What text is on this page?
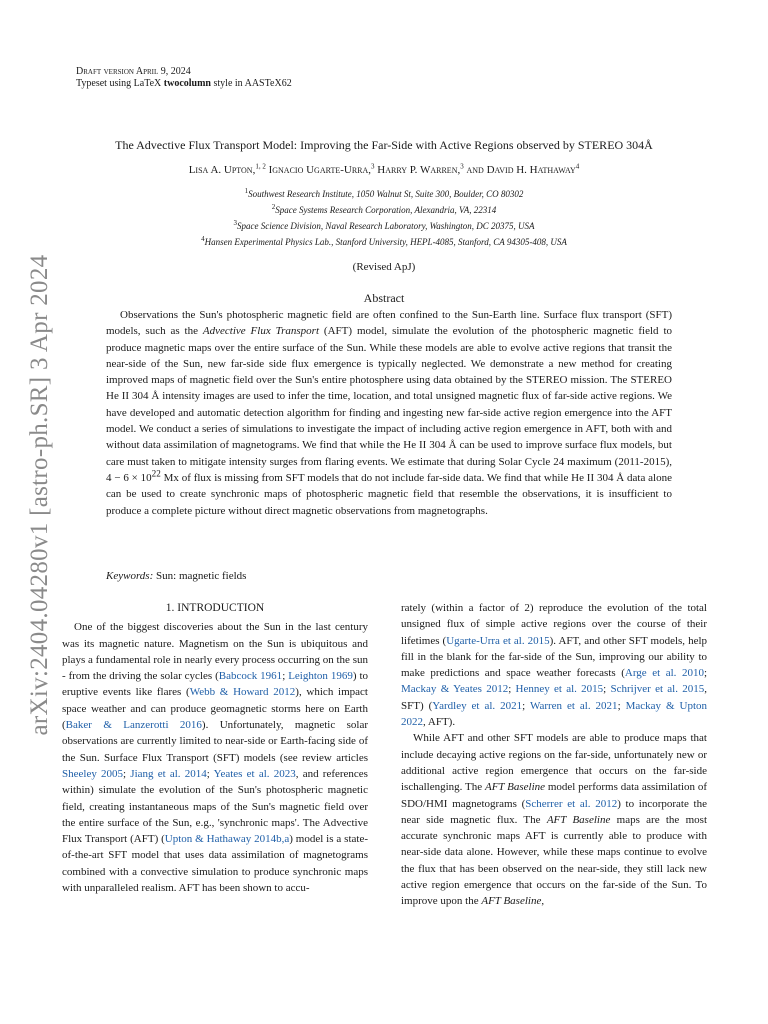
arXiv:2404.04280v1 [astro-ph.SR] 3 Apr 2024
Draft version April 9, 2024
Typeset using LaTeX twocolumn style in AASTeX62
The Advective Flux Transport Model: Improving the Far-Side with Active Regions observed by STEREO 304Å
Lisa A. Upton,$^{1, 2}$ Ignacio Ugarte-Urra,$^3$ Harry P. Warren,$^3$ and David H. Hathaway$^4$
$^1$Southwest Research Institute, 1050 Walnut St, Suite 300, Boulder, CO 80302
$^2$Space Systems Research Corporation, Alexandria, VA, 22314
$^3$Space Science Division, Naval Research Laboratory, Washington, DC 20375, USA
$^4$Hansen Experimental Physics Lab., Stanford University, HEPL-4085, Stanford, CA 94305-408, USA
(Revised ApJ)
Abstract

Observations the Sun's photospheric magnetic field are often confined to the Sun-Earth line. Surface flux transport (SFT) models, such as the Advective Flux Transport (AFT) model, simulate the evolution of the photospheric magnetic field to produce magnetic maps over the entire surface of the Sun. While these models are able to evolve active regions that transit the near-side of the Sun, new far-side side flux emergence is typically neglected. We demonstrate a new method for creating improved maps of magnetic field over the Sun's entire photosphere using data obtained by the STEREO mission. The STEREO He II 304 Å intensity images are used to infer the time, location, and total unsigned magnetic flux of far-side active regions. We have developed and automatic detection algorithm for finding and ingesting new far-side active region emergence into the AFT model. We conduct a series of simulations to investigate the impact of including active region emergence in AFT, both with and without data assimilation of magnetograms. We find that while the He II 304 Å can be used to improve surface flux models, but care must taken to mitigate intensity surges from flaring events. We estimate that during Solar Cycle 24 maximum (2011-2015), $4 - 6 \times 10^{22}$ Mx of flux is missing from SFT models that do not include far-side data. We find that while He II 304 Å data alone can be used to create synchronic maps of photospheric magnetic field that resemble the observations, it is insufficient to produce a complete picture without direct magnetic observations from magnetographs.

Keywords: Sun: magnetic fields
1. INTRODUCTION

One of the biggest discoveries about the Sun in the last century was its magnetic nature. Magnetism on the Sun is ubiquitous and plays a fundamental role in nearly every process occurring on the sun - from the driving the solar cycles (Babcock 1961; Leighton 1969) to eruptive events like flares (Webb & Howard 2012), which impact space weather and can produce geomagnetic storms here on Earth (Baker & Lanzerotti 2016). Unfortunately, magnetic solar observations are currently limited to near-side or Earth-facing side of the Sun. Surface Flux Transport (SFT) models (see review articles Sheeley 2005; Jiang et al. 2014; Yeates et al. 2023, and references within) simulate the evolution of the Sun's photospheric magnetic field, creating instantaneous maps of the Sun's magnetic field over the entire surface of the Sun, e.g., 'synchronic maps'. The Advective Flux Transport (AFT) (Upton & Hathaway 2014b,a) model is a state-of-the-art SFT model that uses data assimilation of magnetograms combined with a convective simulation to produce synchronic maps with unparalleled realism. AFT has been shown to accu-

rately (within a factor of 2) reproduce the evolution of the total unsigned flux of simple active regions over the course of their lifetimes (Ugarte-Urra et al. 2015). AFT, and other SFT models, help fill in the blank for the far-side of the Sun, improving our ability to make predictions and space weather forecasts (Arge et al. 2010; Mackay & Yeates 2012; Henney et al. 2015; Schrijver et al. 2015, SFT) (Yardley et al. 2021; Warren et al. 2021; Mackay & Upton 2022, AFT).

While AFT and other SFT models are able to produce maps that include decaying active regions on the far-side, unfortunately new or additional active region emergence that occurs on the far-side ischallenging. The AFT Baseline model performs data assimilation of SDO/HMI magnetograms (Scherrer et al. 2012) to incorporate the near side magnetic flux. The AFT Baseline maps are the most accurate synchronic maps AFT is currently able to produce with near-side data alone. However, while these maps continue to evolve the flux that has been observed on the near-side, they still lack new active region emergence that occurs on the far-side of the Sun. To improve upon the AFT Baseline,
